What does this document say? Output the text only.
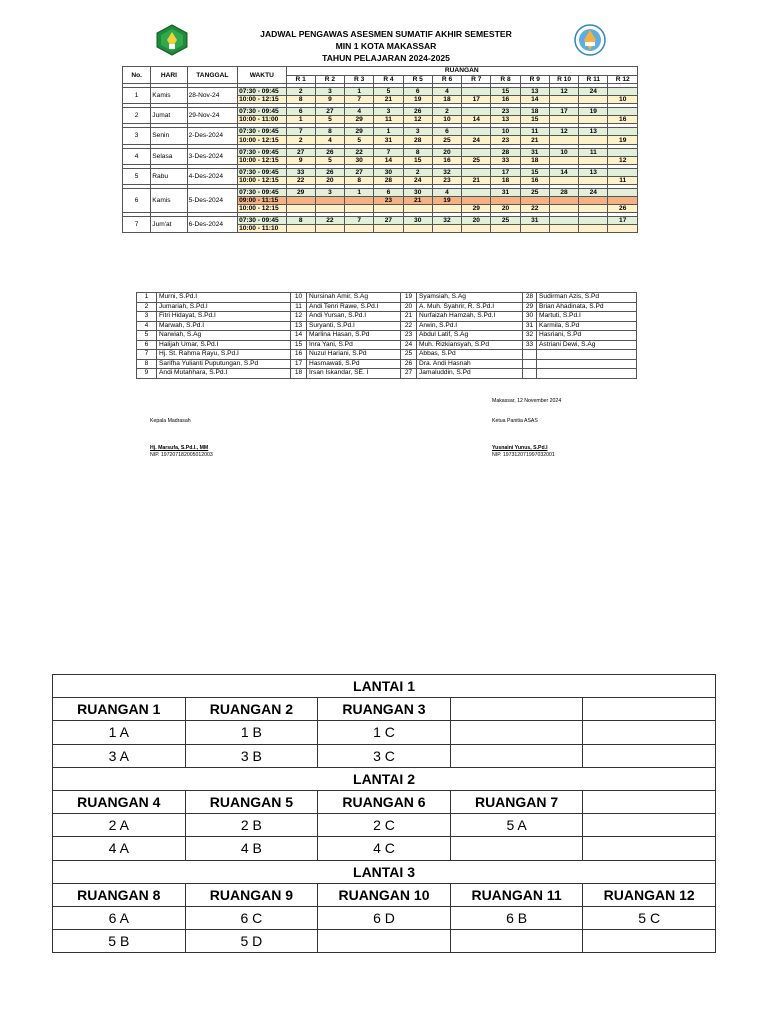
JADWAL PENGAWAS ASESMEN SUMATIF AKHIR SEMESTER
MIN 1 KOTA MAKASSAR
TAHUN PELAJARAN 2024-2025
No.	HARI	TANGGAL	WAKTU	RUANGAN											
				R 1	R 2	R 3	R 4	R 5	R 6	R 7	R 8	R 9	R 10	R 11	R 12

1	Kamis	28-Nov-24	07:30 - 09:45	2	3	1	5	6	4		15	13	12	24	
			10:00 - 12:15	8	9	7	21	19	18	17	16	14			10

2	Jumat	29-Nov-24	07:30 - 09:45	6	27	4	3	26	2		23	18	17	19	
			10:00 - 11:00	1	5	29	11	12	10	14	13	15			16

3	Senin	2-Des-2024	07:30 - 09:45	7	8	29	1	3	6		10	11	12	13	
			10:00 - 12:15	2	4	5	31	28	25	24	23	21			19

4	Selasa	3-Des-2024	07:30 - 09:45	27	26	22	7	8	20		28	31	10	11	
			10:00 - 12:15	9	5	30	14	15	16	25	33	18			12

5	Rabu	4-Des-2024	07:30 - 09:45	33	26	27	30	2	32		17	15	14	13	
			10:00 - 12:15	22	20	8	28	24	23	21	18	16			11

6	Kamis	5-Des-2024	07:30 - 09:45	29	3	1	6	30	4		31	25	28	24	
			09:00 - 11:15				23	21	19						
			10:00 - 12:15							29	20	22			26

7	Jum'at	6-Des-2024	07:30 - 09:45	8	22	7	27	30	32	20	25	31			17
			10:00 - 11:10												
1	Murni, S.Pd.I	10	Nursinah Amir, S.Ag	19	Syamsiah, S.Ag	28	Sudirman Azis, S.Pd
2	Jumariah, S.Pd.I	11	Andi Tenri Rawe, S.Pd.I	20	A. Muh. Syahrir, R. S.Pd.I	29	Brian Ahadinata, S.Pd
3	Fitri Hidayat, S.Pd.I	12	Andi Yursan, S.Pd.I	21	Nurfaizah Hamzah, S.Pd.I	30	Martuti, S.Pd.I
4	Marwah, S.Pd.I	13	Suryanti, S.Pd.I	22	Arwin, S.Pd.I	31	Karmila, S.Pd
5	Narwiah, S.Ag	14	Marlina Hasan, S.Pd	23	Abdul Latif, S.Ag	32	Hasriani, S.Pd
6	Halijah Umar, S.Pd.I	15	Inra Yani, S.Pd	24	Muh. Rizkiansyah, S.Pd	33	Astriani Dewi, S.Ag
7	Hj. St. Rahma Rayu, S.Pd.I	16	Nuzul Hariani, S.Pd	25	Abbas, S.Pd		
8	Sarifha Yulianti Puputungan, S.Pd	17	Hasmawati, S.Pd	26	Dra. Andi Hasnah		
9	Andi Mutahhara, S.Pd.I	18	Irsan Iskandar, SE. I	27	Jamaluddin, S.Pd		
Makassar, 12 November 2024
Kepala Madrasah	Ketua Panitia ASAS
Hj. Marsufa, S.Pd.I., MM
NIP. 197207182005012003
Yusnaini Yunus, S.Pd.I
NIP. 197312071997032001
LANTAI 1				
RUANGAN 1	RUANGAN 2	RUANGAN 3		
1 A	1 B	1 C		
3 A	3 B	3 C		
LANTAI 2				
RUANGAN 4	RUANGAN 5	RUANGAN 6	RUANGAN 7	
2 A	2 B	2 C	5 A	
4 A	4 B	4 C		
LANTAI 3				
RUANGAN 8	RUANGAN 9	RUANGAN 10	RUANGAN 11	RUANGAN 12
6 A	6 C	6 D	6 B	5 C
5 B	5 D			
